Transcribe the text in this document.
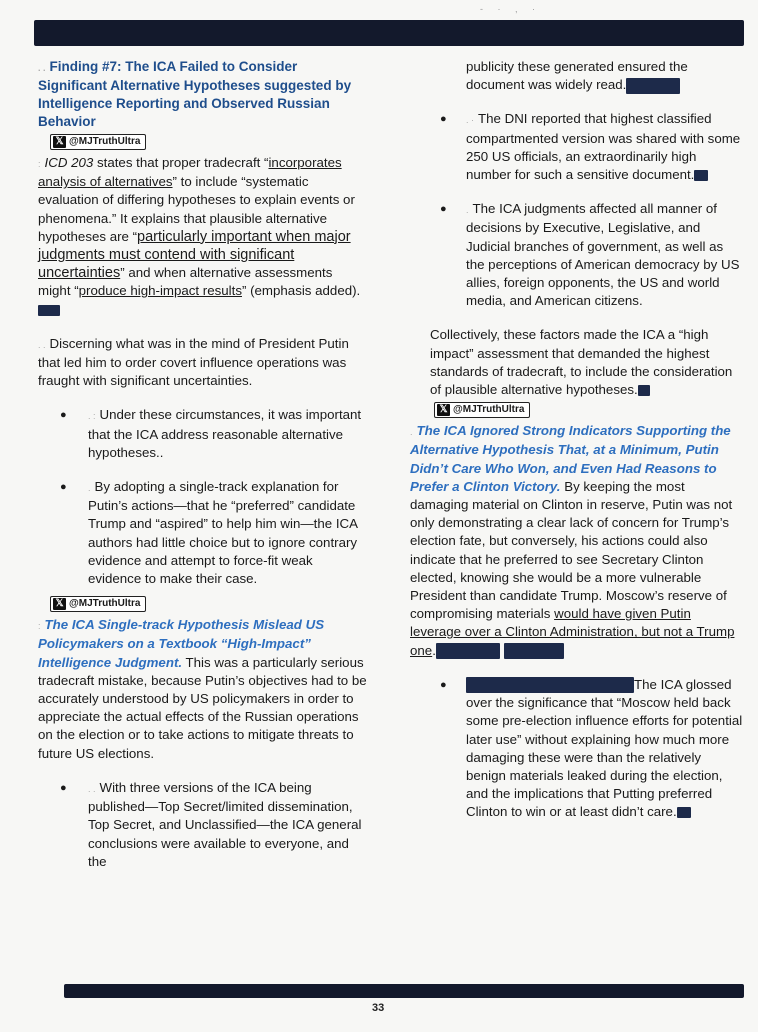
- · , ·

. . Finding #7: The ICA Failed to Consider Significant Alternative Hypotheses suggested by Intelligence Reporting and Observed Russian Behavior

𝕏 @MJTruthUltra

: ICD 203 states that proper tradecraft “incorporates analysis of alternatives” to include “systematic evaluation of differing hypotheses to explain events or phenomena.” It explains that plausible alternative hypotheses are “particularly important when major judgments must contend with significant uncertainties” and when alternative assessments might “produce high-impact results” (emphasis added).

. . Discerning what was in the mind of President Putin that led him to order covert influence operations was fraught with significant uncertainties.

● . : Under these circumstances, it was important that the ICA address reasonable alternative hypotheses..
● . By adopting a single-track explanation for Putin’s actions—that he “preferred” candidate Trump and “aspired” to help him win—the ICA authors had little choice but to ignore contrary evidence and attempt to force-fit weak evidence to make their case.
𝕏 @MJTruthUltra

: The ICA Single-track Hypothesis Mislead US Policymakers on a Textbook “High-Impact” Intelligence Judgment. This was a particularly serious tradecraft mistake, because Putin’s objectives had to be accurately understood by US policymakers in order to appreciate the actual effects of the Russian operations on the election or to take actions to mitigate threats to future US elections.

● . . With three versions of the ICA being published—Top Secret/limited dissemination, Top Secret, and Unclassified—the ICA general conclusions were available to everyone, and the

publicity these generated ensured the document was widely read.

● . · The DNI reported that highest classified compartmented version was shared with some 250 US officials, an extraordinarily high number for such a sensitive document.
● . The ICA judgments affected all manner of decisions by Executive, Legislative, and Judicial branches of government, as well as the perceptions of American democracy by US allies, foreign opponents, the US and world media, and American citizens.

Collectively, these factors made the ICA a “high impact” assessment that demanded the highest standards of tradecraft, to include the consideration of plausible alternative hypotheses.

𝕏 @MJTruthUltra

. The ICA Ignored Strong Indicators Supporting the Alternative Hypothesis That, at a Minimum, Putin Didn’t Care Who Won, and Even Had Reasons to Prefer a Clinton Victory. By keeping the most damaging material on Clinton in reserve, Putin was not only demonstrating a clear lack of concern for Trump’s election fate, but conversely, his actions could also indicate that he preferred to see Secretary Clinton elected, knowing she would be a more vulnerable President than candidate Trump. Moscow’s reserve of compromising materials would have given Putin leverage over a Clinton Administration, but not a Trump one.

●	The ICA glossed over the significance that “Moscow held back some pre-election influence efforts for potential later use” without explaining how much more damaging these were than the relatively benign materials leaked during the election, and the implications that Putting preferred Clinton to win or at least didn’t care.
33
